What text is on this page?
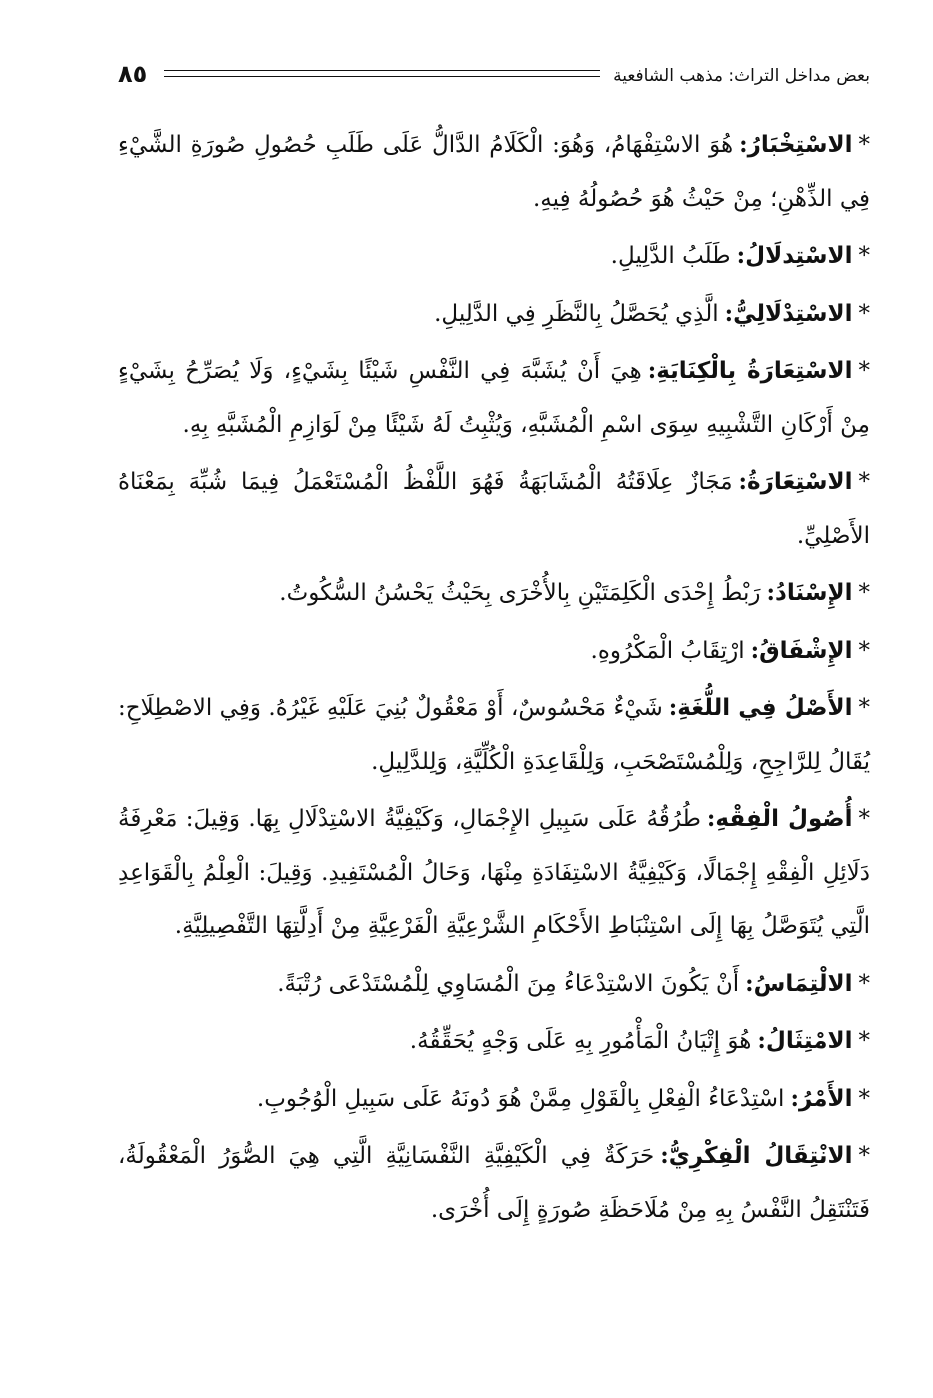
بعض مداخل التراث: مذهب الشافعية
٨٥

*الاسْتِخْبَارُ:هُوَ الاسْتِفْهَامُ، وَهُوَ: الْكَلَامُ الدَّالُّ عَلَى طَلَبِ حُصُولِ صُورَةِ الشَّيْءِ فِي الذِّهْنِ؛ مِنْ حَيْثُ هُوَ حُصُولُهُ فِيهِ.

*الاسْتِدلَالُ:طَلَبُ الدَّلِيلِ.

*الاسْتِدْلَالِيُّ:الَّذِي يُحَصَّلُ بِالنَّظَرِ فِي الدَّلِيلِ.

*الاسْتِعَارَةُ بِالْكِنَايَةِ:هِيَ أَنْ يُشَبَّهَ فِي النَّفْسِ شَيْئًا بِشَيْءٍ، وَلَا يُصَرِّحُ بِشَيْءٍ مِنْ أَرْكَانِ التَّشْبِيهِ سِوَى اسْمِ الْمُشَبَّهِ، وَيُثْبِتُ لَهُ شَيْئًا مِنْ لَوَازِمِ الْمُشَبَّهِ بِهِ.

*الاسْتِعَارَةُ:مَجَازٌ عِلَاقَتُهُ الْمُشَابَهَةُ فَهُوَ اللَّفْظُ الْمُسْتَعْمَلُ فِيمَا شُبِّهَ بِمَعْنَاهُ الأَصْلِيِّ.

*الإِسْنَادُ:رَبْطُ إِحْدَى الْكَلِمَتَيْنِ بِالأُخْرَى بِحَيْثُ يَحْسُنُ السُّكُوتُ.

*الإِشْفَاقُ:ارْتِقَابُ الْمَكْرُوهِ.

*الأَصْلُ فِي اللُّغَةِ:شَيْءٌ مَحْسُوسٌ، أَوْ مَعْقُولٌ بُنِيَ عَلَيْهِ غَيْرُهُ. وَفِي الاصْطِلَاحِ: يُقَالُ لِلرَّاجِحِ، وَلِلْمُسْتَصْحَبِ، وَلِلْقَاعِدَةِ الْكُلِّيَّةِ، وَلِلدَّلِيلِ.

*أُصُولُ الْفِقْهِ:طُرُقُهُ عَلَى سَبِيلِ الإِجْمَالِ، وَكَيْفِيَّةُ الاسْتِدْلَالِ بِهَا. وَقِيلَ: مَعْرِفَةُ دَلَائِلِ الْفِقْهِ إِجْمَالًا، وَكَيْفِيَّةُ الاسْتِفَادَةِ مِنْهَا، وَحَالُ الْمُسْتَفِيدِ. وَقِيلَ: الْعِلْمُ بِالْقَوَاعِدِ الَّتِي يُتَوَصَّلُ بِهَا إِلَى اسْتِنْبَاطِ الأَحْكَامِ الشَّرْعِيَّةِ الْفَرْعِيَّةِ مِنْ أَدِلَّتِهَا التَّفْصِيلِيَّةِ.

*الالْتِمَاسُ:أَنْ يَكُونَ الاسْتِدْعَاءُ مِنَ الْمُسَاوِي لِلْمُسْتَدْعَى رُتْبَةً.

*الامْتِثَالُ:هُوَ إِتْيَانُ الْمَأْمُورِ بِهِ عَلَى وَجْهٍ يُحَقِّقُهُ.

*الأَمْرُ:اسْتِدْعَاءُ الْفِعْلِ بِالْقَوْلِ مِمَّنْ هُوَ دُونَهُ عَلَى سَبِيلِ الْوُجُوبِ.

*الانْتِقَالُ الْفِكْرِيُّ:حَرَكَةٌ فِي الْكَيْفِيَّةِ النَّفْسَانِيَّةِ الَّتِي هِيَ الصُّوَرُ الْمَعْقُولَةُ، فَتَنْتَقِلُ النَّفْسُ بِهِ مِنْ مُلَاحَظَةِ صُورَةٍ إِلَى أُخْرَى.
